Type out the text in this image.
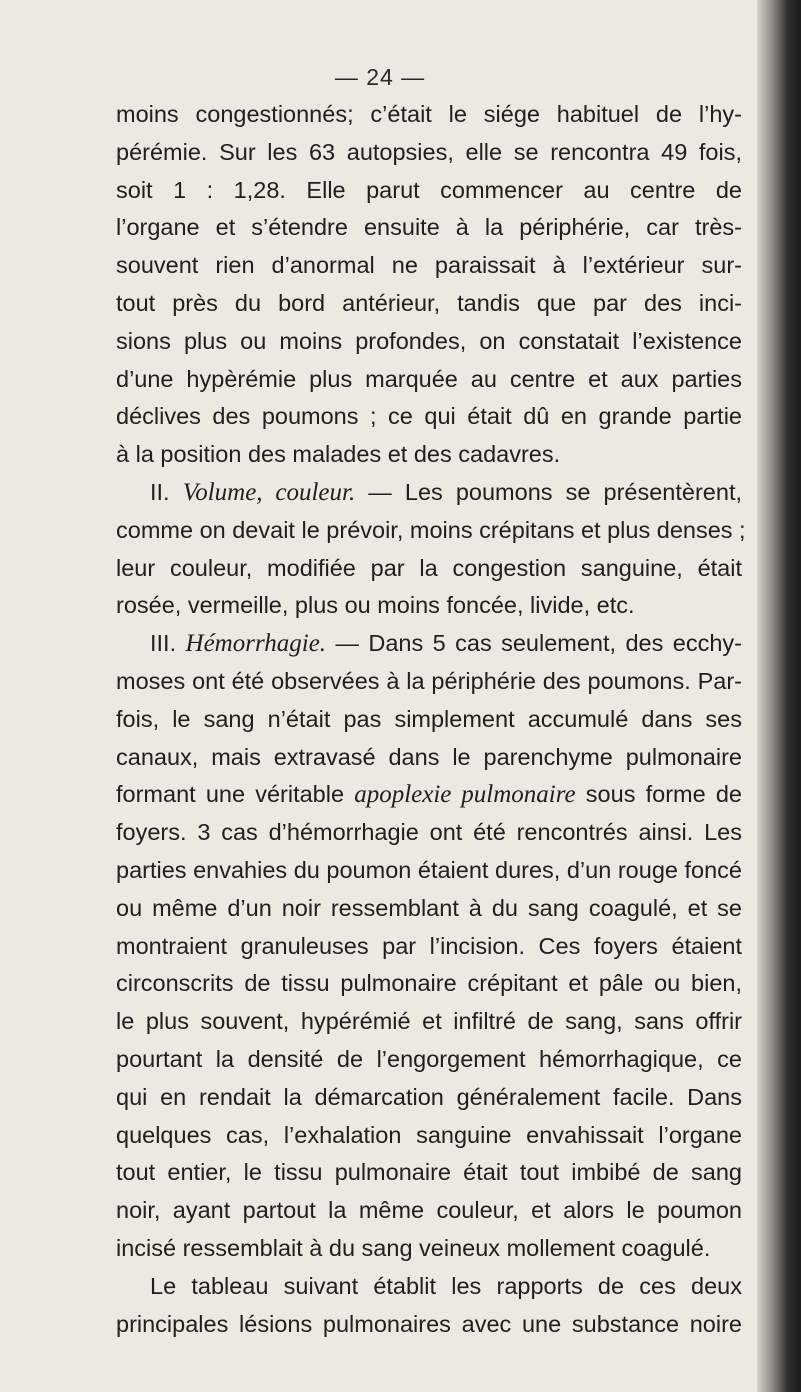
— 24 —
moins congestionnés; c’était le siége habituel de l’hy-
pérémie. Sur les 63 autopsies, elle se rencontra 49 fois,
soit 1 : 1,28. Elle parut commencer au centre de
l’organe et s’étendre ensuite à la périphérie, car très-
souvent rien d’anormal ne paraissait à l’extérieur sur-
tout près du bord antérieur, tandis que par des inci-
sions plus ou moins profondes, on constatait l’existence
d’une hypèrémie plus marquée au centre et aux parties
déclives des poumons ; ce qui était dû en grande partie
à la position des malades et des cadavres.
II. Volume, couleur. — Les poumons se présentèrent,
comme on devait le prévoir, moins crépitans et plus denses ;
leur couleur, modifiée par la congestion sanguine, était
rosée, vermeille, plus ou moins foncée, livide, etc.
III. Hémorrhagie. — Dans 5 cas seulement, des ecchy-
moses ont été observées à la périphérie des poumons. Par-
fois, le sang n’était pas simplement accumulé dans ses
canaux, mais extravasé dans le parenchyme pulmonaire
formant une véritable apoplexie pulmonaire sous forme de
foyers. 3 cas d’hémorrhagie ont été rencontrés ainsi. Les
parties envahies du poumon étaient dures, d’un rouge foncé
ou même d’un noir ressemblant à du sang coagulé, et se
montraient granuleuses par l’incision. Ces foyers étaient
circonscrits de tissu pulmonaire crépitant et pâle ou bien,
le plus souvent, hypérémié et infiltré de sang, sans offrir
pourtant la densité de l’engorgement hémorrhagique, ce
qui en rendait la démarcation généralement facile. Dans
quelques cas, l’exhalation sanguine envahissait l’organe
tout entier, le tissu pulmonaire était tout imbibé de sang
noir, ayant partout la même couleur, et alors le poumon
incisé ressemblait à du sang veineux mollement coagulé.
Le tableau suivant établit les rapports de ces deux
principales lésions pulmonaires avec une substance noire
